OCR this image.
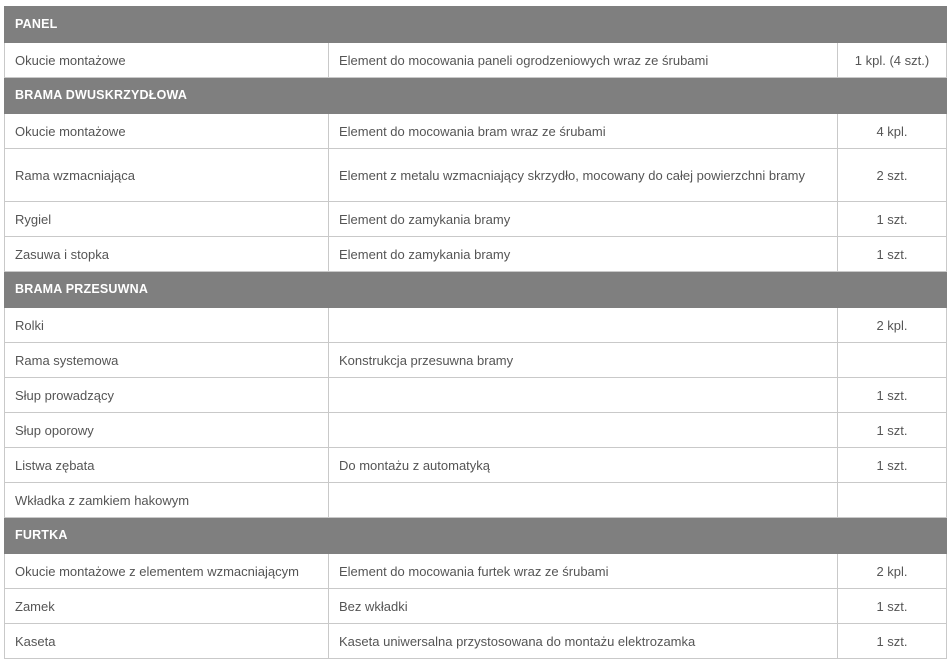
PANEL		
Okucie montażowe	Element do mocowania paneli ogrodzeniowych wraz ze śrubami	1 kpl. (4 szt.)
BRAMA DWUSKRZYDŁOWA		
Okucie montażowe	Element do mocowania bram wraz ze śrubami	4 kpl.
Rama wzmacniająca	Element z metalu wzmacniający skrzydło, mocowany do całej powierzchni bramy	2 szt.
Rygiel	Element do zamykania bramy	1 szt.
Zasuwa i stopka	Element do zamykania bramy	1 szt.
BRAMA PRZESUWNA		
Rolki		2 kpl.
Rama systemowa	Konstrukcja przesuwna bramy	
Słup prowadzący		1 szt.
Słup oporowy		1 szt.
Listwa zębata	Do montażu z automatyką	1 szt.
Wkładka z zamkiem hakowym		
FURTKA		
Okucie montażowe z elementem wzmacniającym	Element do mocowania furtek wraz ze śrubami	2 kpl.
Zamek	Bez wkładki	1 szt.
Kaseta	Kaseta uniwersalna przystosowana do montażu elektrozamka	1 szt.
